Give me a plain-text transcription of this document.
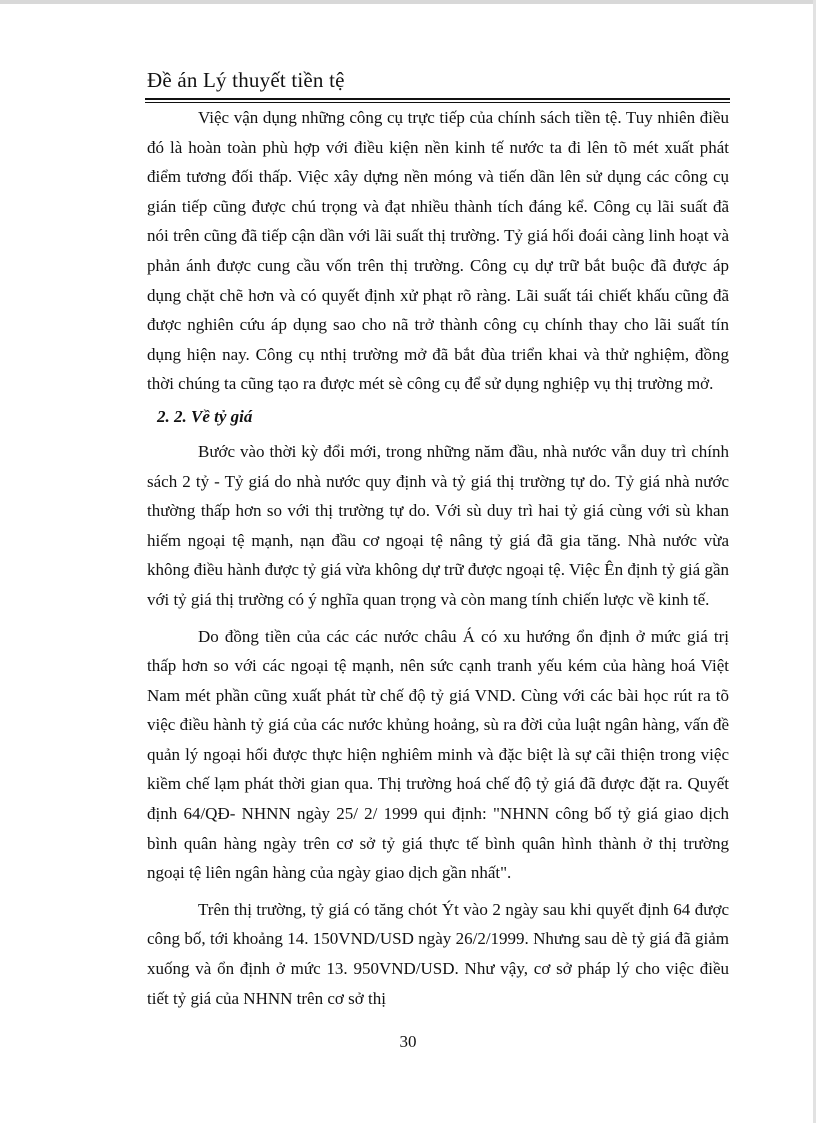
Đề án Lý thuyết tiền tệ

Việc vận dụng những công cụ trực tiếp của chính sách tiền tệ. Tuy nhiên điều đó là hoàn toàn phù hợp với điều kiện nền kinh tế nước ta đi lên tõ mét xuất phát điểm tương đối thấp. Việc xây dựng nền móng và tiến dần lên sử dụng các công cụ gián tiếp cũng được chú trọng và đạt nhiều thành tích đáng kể. Công cụ lãi suất đã nói trên cũng đã tiếp cận dần với lãi suất thị trường. Tỷ giá hối đoái càng linh hoạt và phản ánh được cung cầu vốn trên thị trường. Công cụ dự trữ bắt buộc đã được áp dụng chặt chẽ hơn và có quyết định xử phạt rõ ràng. Lãi suất tái chiết khấu cũng đã được nghiên cứu áp dụng sao cho nã trở thành công cụ chính thay cho lãi suất tín dụng hiện nay. Công cụ nthị trường mở đã bắt đùa triển khai và thử nghiệm, đồng thời chúng ta cũng tạo ra được mét sè công cụ để sử dụng nghiệp vụ thị trường mở.

2. 2. Về tỷ giá

Bước vào thời kỳ đổi mới, trong những năm đầu, nhà nước vẫn duy trì chính sách 2 tỷ - Tỷ giá do nhà nước quy định và tỷ giá thị trường tự do. Tỷ giá nhà nước thường thấp hơn so với thị trường tự do. Với sù duy trì hai tỷ giá cùng với sù khan hiếm ngoại tệ mạnh, nạn đầu cơ ngoại tệ nâng tỷ giá đã gia tăng. Nhà nước vừa không điều hành được tỷ giá vừa không dự trữ được ngoại tệ. Việc Ên định tỷ giá gần với tỷ giá thị trường có ý nghĩa quan trọng và còn mang tính chiến lược về kinh tế.

Do đồng tiền của các các nước châu Á có xu hướng ổn định ở mức giá trị thấp hơn so với các ngoại tệ mạnh, nên sức cạnh tranh yếu kém của hàng hoá Việt Nam mét phần cũng xuất phát từ chế độ tỷ giá VND. Cùng với các bài học rút ra tõ việc điều hành tỷ giá của các nước khủng hoảng, sù ra đời của luật ngân hàng, vấn đề quản lý ngoại hối được thực hiện nghiêm minh và đặc biệt là sự cãi thiện trong việc kiềm chế lạm phát thời gian qua. Thị trường hoá chế độ tỷ giá đã được đặt ra. Quyết định 64/QĐ- NHNN ngày 25/ 2/ 1999 qui định: "NHNN công bố tỷ giá giao dịch bình quân hàng ngày trên cơ sở tỷ giá thực tế bình quân hình thành ở thị trường ngoại tệ liên ngân hàng của ngày giao dịch gần nhất".

Trên thị trường, tỷ giá có tăng chót Ýt vào 2 ngày sau khi quyết định 64 được công bố, tới khoảng 14. 150VND/USD ngày 26/2/1999. Nhưng sau dè tỷ giá đã giảm xuống và ổn định ở mức 13. 950VND/USD. Như vậy, cơ sở pháp lý cho việc điều tiết tỷ giá của NHNN trên cơ sở thị

30
